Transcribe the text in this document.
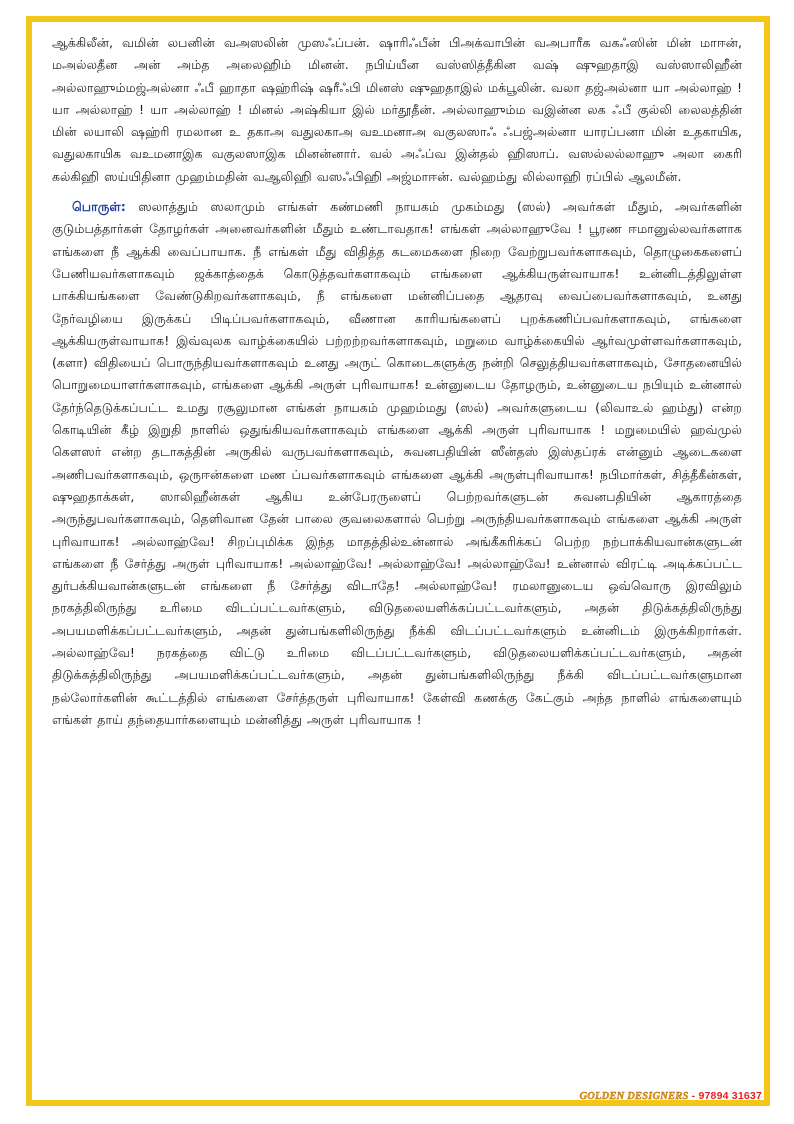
ஆக்கிலீன், வமின் லபனின் வஅஸலின் முஸஃப்பன். ஷாரிஃபீன் பிஅக்வாபின் வஅபாரீக வகஃஸின் மின் மாஈன், மஅல்லதீன அன் அம்த அலைஹிம் மினன். நபிய்யீன வஸ்ஸித்தீகின வஷ் ஷுஹதாஇ வஸ்ஸாலிஹீன் அல்லாஹும்மஜ்அல்னா ஃபீ ஹாதா ஷஹ்ரிஷ் ஷரீஃபி மினஸ் ஷுஹதாஇல் மக்பூலின். வலா தஜ்அல்னா யா அல்லாஹ் ! யா அல்லாஹ் ! யா அல்லாஹ் ! மினல் அஷ்கியா இல் மர்தூதீன். அல்லாஹும்ம வஇன்ன லக ஃபீ குல்லி லைலத்தின் மின் லயாலி ஷஹ்ரி ரமலான உ தகாஅ வதுலகாஅ வஉமனாஅ வகுலஸாஃ ஃபஜ்அல்னா யாரப்பனா மின் உதகாயிக, வதுலகாயிக வஉமனாஇக வகுலஸாஇக மினன்னார். வல் அஃப்வ இன்தல் ஹிஸாப். வஸல்லல்லாஹு அலா கைரி கல்கிஹி ஸய்யிதினா முஹம்மதின் வஆலிஹி வஸஃபிஹி அஜ்மாஈன். வல்ஹம்து லில்லாஹி ரப்பில் ஆலமீன்.

பொருள்: ஸலாத்தும் ஸலாமும் எங்கள் கண்மணி நாயகம் முகம்மது (ஸல்) அவர்கள் மீதும், அவர்களின் குடும்பத்தார்கள் தோழர்கள் அனைவர்களின் மீதும் உண்டாவதாக! எங்கள் அல்லாஹுவே ! பூரண ஈமானுல்லவர்களாக எங்களை நீ ஆக்கி வைப்பாயாக. நீ எங்கள் மீது விதித்த கடமைகளை நிறை வேற்றுபவர்களாகவும், தொழுகைகளைப் பேணியவர்களாகவும் ஜக்காத்தைக் கொடுத்தவர்களாகவும் எங்களை ஆக்கியருள்வாயாக! உன்னிடத்திலுள்ள பாக்கியங்களை வேண்டுகிறவர்களாகவும், நீ எங்களை மன்னிப்பதை ஆதரவு வைப்பைவர்களாகவும், உனது நேர்வழியை இருக்கப் பிடிப்பவர்களாகவும், வீணான காரியங்களைப் புறக்கணிப்பவர்களாகவும், எங்களை ஆக்கியருள்வாயாக! இவ்வுலக வாழ்க்கையில் பற்றற்றவர்களாகவும், மறுமை வாழ்க்கையில் ஆர்வமுள்ளவர்களாகவும், (களா) விதியைப் பொருந்தியவர்களாகவும் உனது அருட் கொடைகளுக்கு நன்றி செலுத்தியவர்களாகவும், சோதனையில் பொறுமையாளர்களாகவும், எங்களை ஆக்கி அருள் புரிவாயாக! உன்னுடைய தோழரும், உன்னுடைய நபியும் உன்னால் தேர்ந்தெடுக்கப்பட்ட உமது ரசூலுமான எங்கள் நாயகம் முஹம்மது (ஸல்) அவர்களுடைய (லிவாஉல் ஹம்து) என்ற கொடியின் கீழ் இறுதி நாளில் ஒதுங்கியவர்களாகவும் எங்களை ஆக்கி அருள் புரிவாயாக ! மறுமையில் ஹவ்முல் கெளஸர் என்ற தடாகத்தின் அருகில் வருபவர்களாகவும், சுவனபதியின் ஸீன்தஸ் இஸ்தப்ரக் என்னும் ஆடைகளை அணிபவர்களாகவும், ஒருஈன்களை மண ப்பவர்களாகவும் எங்களை ஆக்கி அருள்புரிவாயாக! நபிமார்கள், சித்தீகீன்கள், ஷுஹதாக்கள், ஸாலிஹீன்கள் ஆகிய உன்பேரருளைப் பெற்றவர்களுடன் சுவனபதியின் ஆகாரத்தை அருந்துபவர்களாகவும், தெளிவான தேன் பாலை குவலைகளால் பெற்று அருந்தியவர்களாகவும் எங்களை ஆக்கி அருள் புரிவாயாக! அல்லாஹ்வே! சிறப்புமிக்க இந்த மாதத்தில்உன்னால் அங்கீகரிக்கப் பெற்ற நற்பாக்கியவான்களுடன் எங்களை நீ சேர்த்து அருள் புரிவாயாக! அல்லாஹ்வே! அல்லாஹ்வே! அல்லாஹ்வே! உன்னால் விரட்டி அடிக்கப்பட்ட துர்பக்கியவான்களுடன் எங்களை நீ சேர்த்து விடாதே! அல்லாஹ்வே! ரமலானுடைய ஒவ்வொரு இரவிலும் நரகத்திலிருந்து உரிமை விடப்பட்டவர்களும், விடுதலையளிக்கப்பட்டவர்களும், அதன் திடுக்கத்திலிருந்து அபயமளிக்கப்பட்டவர்களும், அதன் துன்பங்களிலிருந்து நீக்கி விடப்பட்டவர்களும் உன்னிடம் இருக்கிறார்கள். அல்லாஹ்வே! நரகத்தை விட்டு உரிமை விடப்பட்டவர்களும், விடுதலையளிக்கப்பட்டவர்களும், அதன் திடுக்கத்திலிருந்து அபயமளிக்கப்பட்டவர்களும், அதன் துன்பங்களிலிருந்து நீக்கி விடப்பட்டவர்களுமான நல்லோர்களின் கூட்டத்தில் எங்களை சேர்த்தருள் புரிவாயாக! கேள்வி கணக்கு கேட்கும் அந்த நாளில் எங்களையும் எங்கள் தாய் தந்தையார்களையும் மன்னித்து அருள் புரிவாயாக !

GOLDEN DESIGNERS - 97894 31637
